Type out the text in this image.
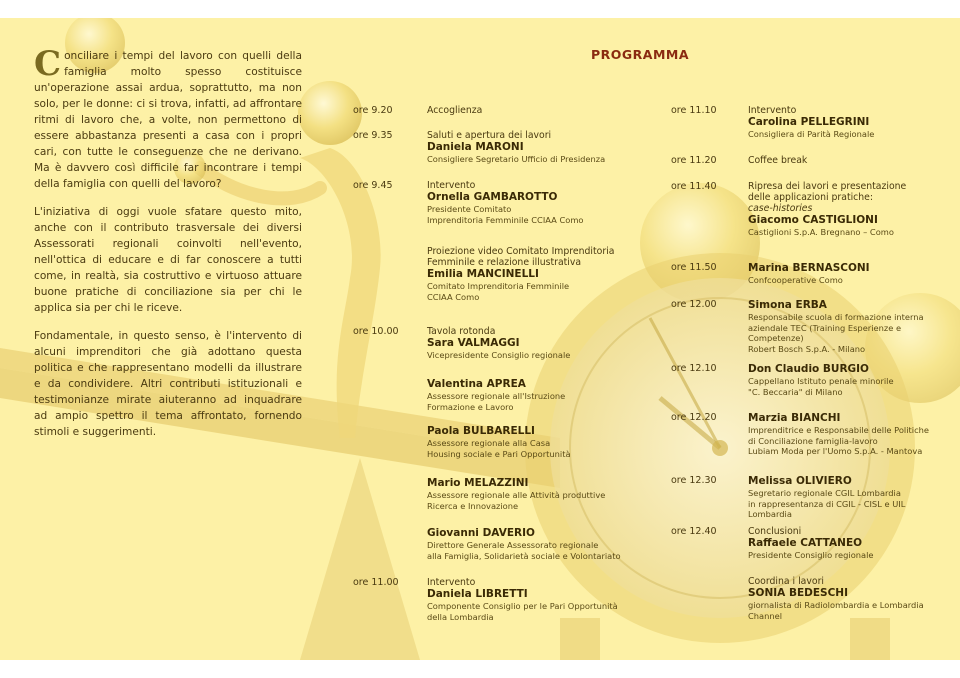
Conciliare i tempi del lavoro con quelli della famiglia molto spesso costituisce un'operazione assai ardua, soprattutto, ma non solo, per le donne: ci si trova, infatti, ad affrontare ritmi di lavoro che, a volte, non permettono di essere abbastanza presenti a casa con i propri cari, con tutte le conseguenze che ne derivano. Ma è davvero così difficile far incontrare i tempi della famiglia con quelli del lavoro?

L'iniziativa di oggi vuole sfatare questo mito, anche con il contributo trasversale dei diversi Assessorati regionali coinvolti nell'evento, nell'ottica di educare e di far conoscere a tutti come, in realtà, sia costruttivo e virtuoso attuare buone pratiche di conciliazione sia per chi le applica sia per chi le riceve.

Fondamentale, in questo senso, è l'intervento di alcuni imprenditori che già adottano questa politica e che rappresentano modelli da illustrare e da condividere. Altri contributi istituzionali e testimonianze mirate aiuteranno ad inquadrare ad ampio spettro il tema affrontato, fornendo stimoli e suggerimenti.

PROGRAMMA
ore 9.20	Accoglienza
ore 9.35	Saluti e apertura dei lavori
Daniela MARONI
Consigliere Segretario Ufficio di Presidenza
ore 9.45	Intervento
Ornella GAMBAROTTO
Presidente Comitato
Imprenditoria Femminile CCIAA Como
Proiezione video Comitato Imprenditoria
Femminile e relazione illustrativa
Emilia MANCINELLI
Comitato Imprenditoria Femminile
CCIAA Como
ore 10.00	Tavola rotonda
Sara VALMAGGI
Vicepresidente Consiglio regionale
Valentina APREA
Assessore regionale all'Istruzione
Formazione e Lavoro
Paola BULBARELLI
Assessore regionale alla Casa
Housing sociale e Pari Opportunità
Mario MELAZZINI
Assessore regionale alle Attività produttive
Ricerca e Innovazione
Giovanni DAVERIO
Direttore Generale Assessorato regionale
alla Famiglia, Solidarietà sociale e Volontariato
ore 11.00	Intervento
Daniela LIBRETTI
Componente Consiglio per le Pari Opportunità
della Lombardia
ore 11.10	Intervento
Carolina PELLEGRINI
Consigliera di Parità Regionale
ore 11.20	Coffee break
ore 11.40	Ripresa dei lavori e presentazione
delle applicazioni pratiche:
case-histories
Giacomo CASTIGLIONI
Castiglioni S.p.A. Bregnano – Como
ore 11.50	Marina BERNASCONI
Confcooperative Como
ore 12.00	Simona ERBA
Responsabile scuola di formazione interna
aziendale TEC (Training Esperienze e Competenze)
Robert Bosch S.p.A. - Milano
ore 12.10	Don Claudio BURGIO
Cappellano Istituto penale minorile
"C. Beccaria" di Milano
ore 12.20	Marzia BIANCHI
Imprenditrice e Responsabile delle Politiche
di Conciliazione famiglia-lavoro
Lubiam Moda per l'Uomo S.p.A. - Mantova
ore 12.30	Melissa OLIVIERO
Segretario regionale CGIL Lombardia
in rappresentanza di CGIL - CISL e UIL Lombardia
ore 12.40	Conclusioni
Raffaele CATTANEO
Presidente Consiglio regionale
Coordina i lavori
SONIA BEDESCHI
giornalista di Radiolombardia e Lombardia
Channel
